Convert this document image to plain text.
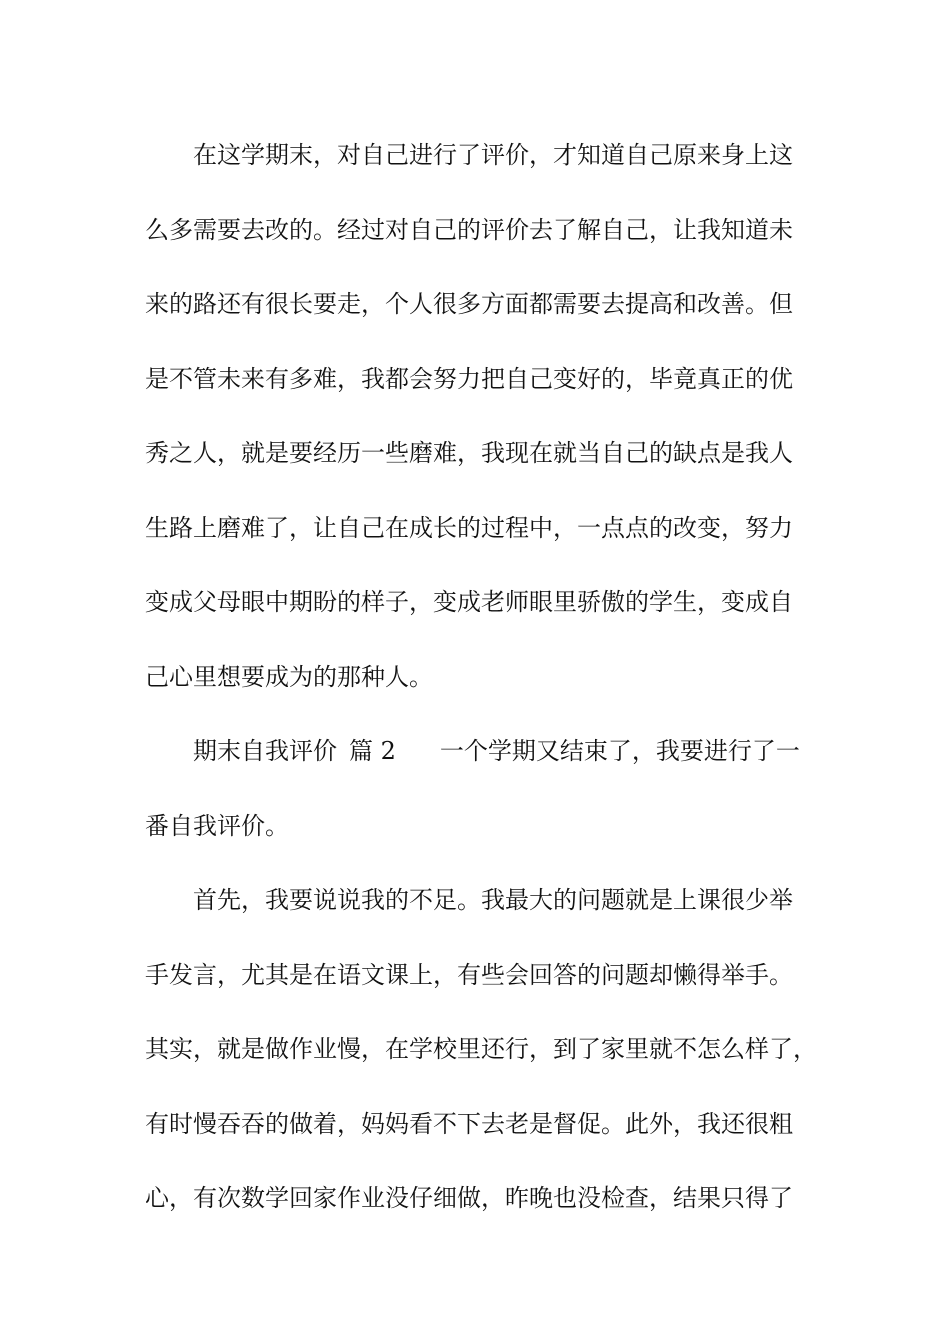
在这学期末，对自己进行了评价，才知道自己原来身上这
么多需要去改的。经过对自己的评价去了解自己，让我知道未
来的路还有很长要走，个人很多方面都需要去提高和改善。但
是不管未来有多难，我都会努力把自己变好的，毕竟真正的优
秀之人，就是要经历一些磨难，我现在就当自己的缺点是我人
生路上磨难了，让自己在成长的过程中，一点点的改变，努力
变成父母眼中期盼的样子，变成老师眼里骄傲的学生，变成自
己心里想要成为的那种人。
期末自我评价 篇 2 一个学期又结束了，我要进行了一
番自我评价。
首先，我要说说我的不足。我最大的问题就是上课很少举
手发言，尤其是在语文课上，有些会回答的问题却懒得举手。
其实，就是做作业慢，在学校里还行，到了家里就不怎么样了，
有时慢吞吞的做着，妈妈看不下去老是督促。此外，我还很粗
心，有次数学回家作业没仔细做，昨晚也没检查，结果只得了
